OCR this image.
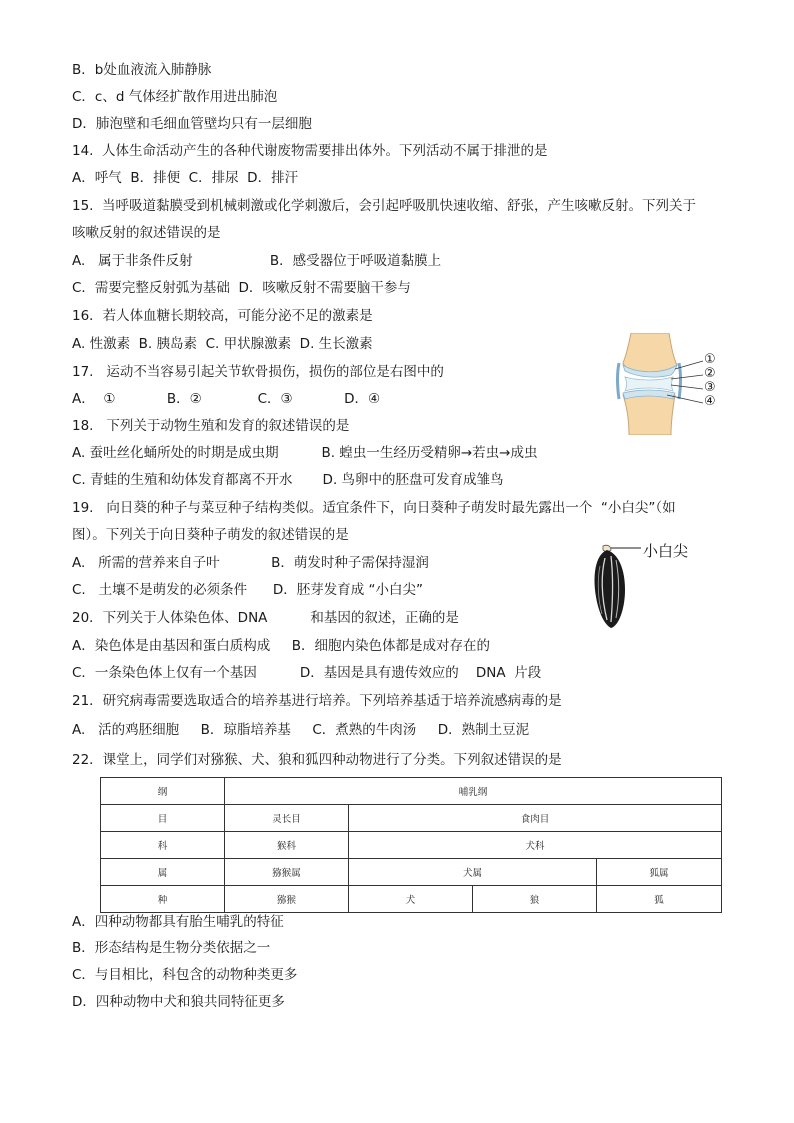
B．b处血液流入肺静脉
C．c、d 气体经扩散作用进出肺泡
D．肺泡壁和毛细血管壁均只有一层细胞
14.  人体生命活动产生的各种代谢废物需要排出体外。下列活动不属于排泄的是
A．呼气  B．排便  C．排尿  D．排汗
15.  当呼吸道黏膜受到机械刺激或化学刺激后，会引起呼吸肌快速收缩、舒张，产生咳嗽反射。下列关于
咳嗽反射的叙述错误的是
A.   属于非条件反射                  B．感受器位于呼吸道黏膜上
C．需要完整反射弧为基础  D．咳嗽反射不需要脑干参与
16．若人体血糖长期较高，可能分泌不足的激素是
A. 性激素  B. 胰岛素  C. 甲状腺激素  D. 生长激素
17.   运动不当容易引起关节软骨损伤，损伤的部位是右图中的
A．  ①            B．②             C．③            D．④
18.   下列关于动物生殖和发育的叙述错误的是
A. 蚕吐丝化蛹所处的时期是成虫期          B. 蝗虫一生经历受精卵→若虫→成虫
C. 青蛙的生殖和幼体发育都离不开水       D. 鸟卵中的胚盘可发育成雏鸟
19.   向日葵的种子与菜豆种子结构类似。适宜条件下，向日葵种子萌发时最先露出一个  “小白尖”（如
图）。下列关于向日葵种子萌发的叙述错误的是
A.   所需的营养来自子叶            B．萌发时种子需保持湿润
C.   土壤不是萌发的必须条件      D．胚芽发育成 “小白尖”
20．下列关于人体染色体、DNA          和基因的叙述，正确的是
A．染色体是由基因和蛋白质构成     B．细胞内染色体都是成对存在的
C．一条染色体上仅有一个基因          D．基因是具有遗传效应的    DNA  片段
21．研究病毒需要选取适合的培养基进行培养。下列培养基适于培养流感病毒的是
A.   活的鸡胚细胞     B．琼脂培养基     C．煮熟的牛肉汤     D．熟制土豆泥
22．课堂上，同学们对猕猴、犬、狼和狐四种动物进行了分类。下列叙述错误的是
A．四种动物都具有胎生哺乳的特征
B．形态结构是生物分类依据之一
C．与目相比，科包含的动物种类更多
D．四种动物中犬和狼共同特征更多
①
②
③
④
小白尖
纲	哺乳纲			
目	灵长目	食肉目		
科	猴科	犬科		
属	猕猴属	犬属		狐属
种	猕猴	犬	狼	狐
